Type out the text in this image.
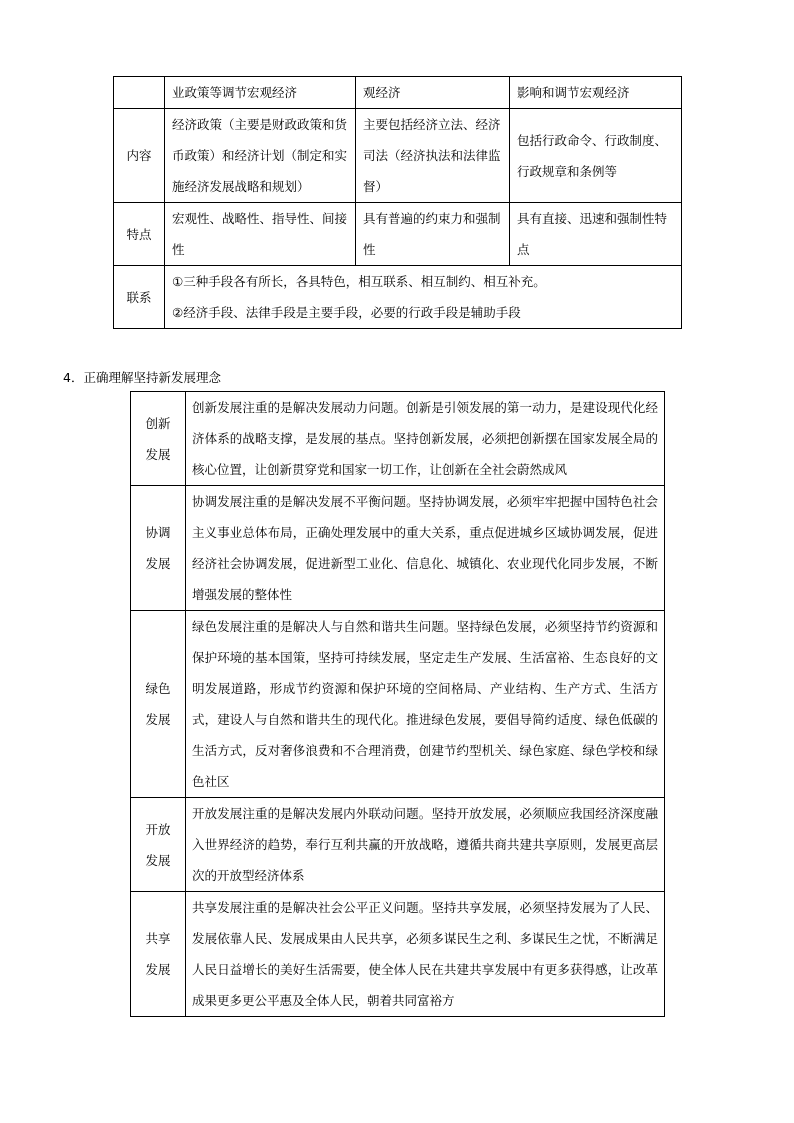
	业政策等调节宏观经济	观经济	影响和调节宏观经济
内容	经济政策（主要是财政政策和货币政策）和经济计划（制定和实施经济发展战略和规划）	主要包括经济立法、经济司法（经济执法和法律监督）	包括行政命令、行政制度、行政规章和条例等
特点	宏观性、战略性、指导性、间接性	具有普遍的约束力和强制性	具有直接、迅速和强制性特点
联系	①三种手段各有所长，各具特色，相互联系、相互制约、相互补充。
②经济手段、法律手段是主要手段，必要的行政手段是辅助手段		
4．正确理解坚持新发展理念
创新
发展	创新发展注重的是解决发展动力问题。创新是引领发展的第一动力，是建设现代化经济体系的战略支撑，是发展的基点。坚持创新发展，必须把创新摆在国家发展全局的核心位置，让创新贯穿党和国家一切工作，让创新在全社会蔚然成风

协调
发展	协调发展注重的是解决发展不平衡问题。坚持协调发展，必须牢牢把握中国特色社会主义事业总体布局，正确处理发展中的重大关系，重点促进城乡区域协调发展，促进经济社会协调发展，促进新型工业化、信息化、城镇化、农业现代化同步发展，不断增强发展的整体性

绿色
发展	绿色发展注重的是解决人与自然和谐共生问题。坚持绿色发展，必须坚持节约资源和保护环境的基本国策，坚持可持续发展，坚定走生产发展、生活富裕、生态良好的文明发展道路，形成节约资源和保护环境的空间格局、产业结构、生产方式、生活方式，建设人与自然和谐共生的现代化。推进绿色发展，要倡导简约适度、绿色低碳的生活方式，反对奢侈浪费和不合理消费，创建节约型机关、绿色家庭、绿色学校和绿色社区

开放
发展	开放发展注重的是解决发展内外联动问题。坚持开放发展，必须顺应我国经济深度融入世界经济的趋势，奉行互利共赢的开放战略，遵循共商共建共享原则，发展更高层次的开放型经济体系

共享
发展	共享发展注重的是解决社会公平正义问题。坚持共享发展，必须坚持发展为了人民、发展依靠人民、发展成果由人民共享，必须多谋民生之利、多谋民生之忧，不断满足人民日益增长的美好生活需要，使全体人民在共建共享发展中有更多获得感，让改革成果更多更公平惠及全体人民，朝着共同富裕方
